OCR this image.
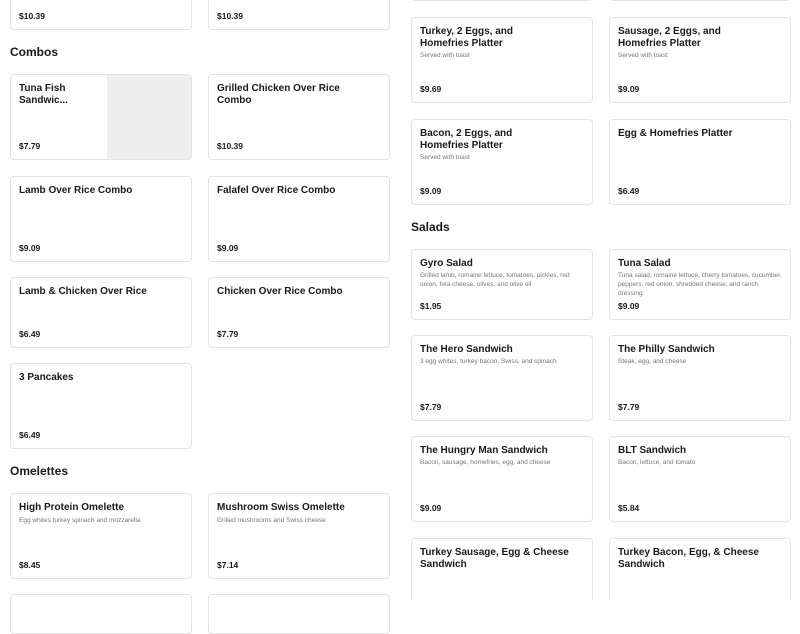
$10.39	$10.39
Combos
Tuna Fish Sandwic...
$7.79
Grilled Chicken Over Rice Combo
$10.39
Lamb Over Rice Combo
$9.09
Falafel Over Rice Combo
$9.09
Lamb & Chicken Over Rice
$6.49
Chicken Over Rice Combo
$7.79
3 Pancakes
$6.49
Omelettes
High Protein Omelette
Egg whites turkey spinach and mozzarella
$8.45
Mushroom Swiss Omelette
Grilled mushrooms and Swiss cheese
$7.14
Turkey, 2 Eggs, and Homefries Platter
Served with toast
$9.69
Sausage, 2 Eggs, and Homefries Platter
Served with toast
$9.09
Bacon, 2 Eggs, and Homefries Platter
Served with toast
$9.09
Egg & Homefries Platter
$6.49
Salads
Gyro Salad
Grilled lamb, romaine lettuce, tomatoes, pickles, red onion, feta cheese, olives, and olive oil
$1.95
Tuna Salad
Tuna salad, romaine lettuce, cherry tomatoes, cucumber, peppers, red onion, shredded cheese, and ranch dressing
$9.09
The Hero Sandwich
3 egg whites, turkey bacon, Swiss, and spinach
$7.79
The Philly Sandwich
Steak, egg, and cheese
$7.79
The Hungry Man Sandwich
Bacon, sausage, homefries, egg, and cheese
$9.09
BLT Sandwich
Bacon, lettuce, and tomato
$5.84
Turkey Sausage, Egg & Cheese Sandwich
Turkey Bacon, Egg, & Cheese Sandwich
